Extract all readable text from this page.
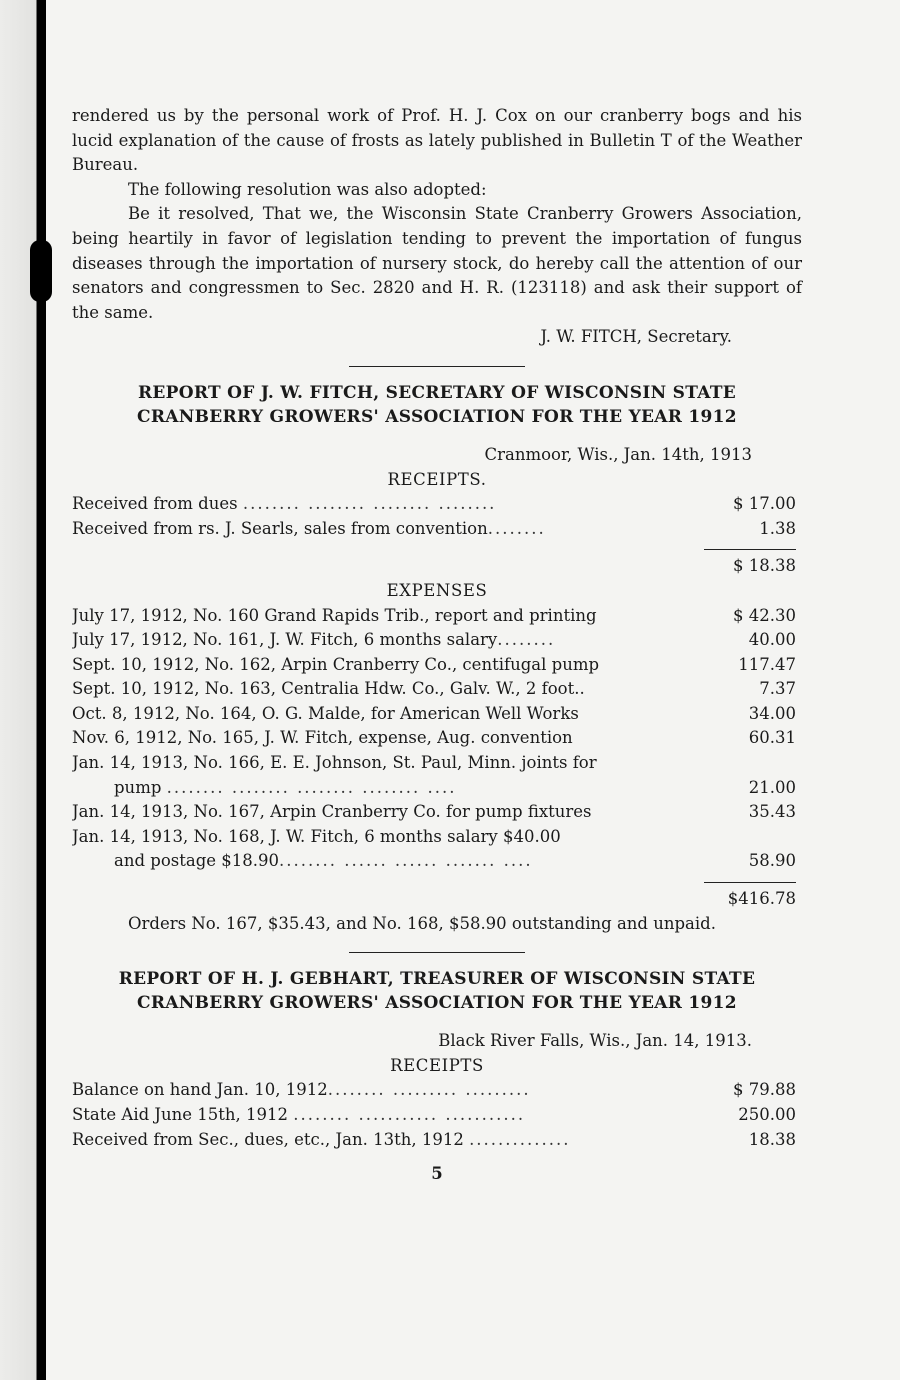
rendered us by the personal work of Prof. H. J. Cox on our cranberry bogs and his lucid explanation of the cause of frosts as lately published in Bulletin T of the Weather Bureau.

The following resolution was also adopted:

Be it resolved, That we, the Wisconsin State Cranberry Growers Association, being heartily in favor of legislation tending to prevent the importation of fungus diseases through the importation of nursery stock, do hereby call the attention of our senators and congressmen to Sec. 2820 and H. R. (123118) and ask their support of the same.

J. W. FITCH, Secretary.

REPORT OF J. W. FITCH, SECRETARY OF WISCONSIN STATE CRANBERRY GROWERS' ASSOCIATION FOR THE YEAR 1912

Cranmoor, Wis., Jan. 14th, 1913

RECEIPTS.

Received from dues ........ ........ ........ ........	$ 17.00
Received from rs. J. Searls, sales from convention........	1.38

$ 18.38

EXPENSES

July 17, 1912, No. 160 Grand Rapids Trib., report and printing	$ 42.30
July 17, 1912, No. 161, J. W. Fitch, 6 months salary........	40.00
Sept. 10, 1912, No. 162, Arpin Cranberry Co., centifugal pump	117.47
Sept. 10, 1912, No. 163, Centralia Hdw. Co., Galv. W., 2 foot..	7.37
Oct. 8, 1912, No. 164, O. G. Malde, for American Well Works	34.00
Nov. 6, 1912, No. 165, J. W. Fitch, expense, Aug. convention	60.31
Jan. 14, 1913, No. 166, E. E. Johnson, St. Paul, Minn. joints for
pump ........ ........ ........ ........ ....	21.00
Jan. 14, 1913, No. 167, Arpin Cranberry Co. for pump fixtures	35.43
Jan. 14, 1913, No. 168, J. W. Fitch, 6 months salary $40.00
and postage $18.90........ ...... ...... ....... ....	58.90

$416.78

Orders No. 167, $35.43, and No. 168, $58.90 outstanding and unpaid.

REPORT OF H. J. GEBHART, TREASURER OF WISCONSIN STATE CRANBERRY GROWERS' ASSOCIATION FOR THE YEAR 1912

Black River Falls, Wis., Jan. 14, 1913.

RECEIPTS

Balance on hand Jan. 10, 1912........ ......... .........	$ 79.88
State Aid June 15th, 1912 ........ ........... ...........	250.00
Received from Sec., dues, etc., Jan. 13th, 1912 ..............	18.38

5
